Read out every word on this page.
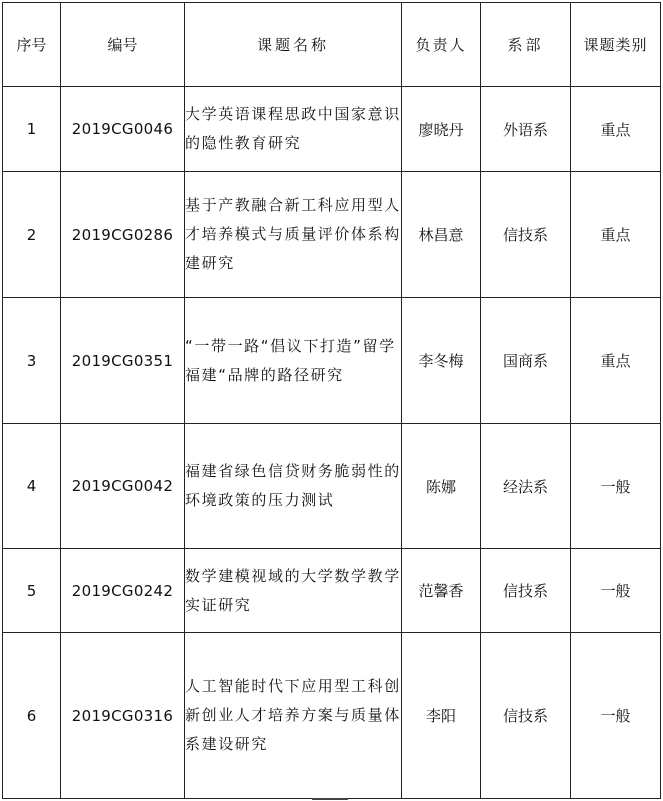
序号	编号	课题名称	负责人	系部	课题类别
1	2019CG0046	大学英语课程思政中国家意识的隐性教育研究	廖晓丹	外语系	重点
2	2019CG0286	基于产教融合新工科应用型人才培养模式与质量评价体系构建研究	林昌意	信技系	重点
3	2019CG0351	“一带一路“倡议下打造”留学福建“品牌的路径研究	李冬梅	国商系	重点
4	2019CG0042	福建省绿色信贷财务脆弱性的环境政策的压力测试	陈娜	经法系	一般
5	2019CG0242	数学建模视域的大学数学教学实证研究	范馨香	信技系	一般
6	2019CG0316	人工智能时代下应用型工科创新创业人才培养方案与质量体系建设研究	李阳	信技系	一般
